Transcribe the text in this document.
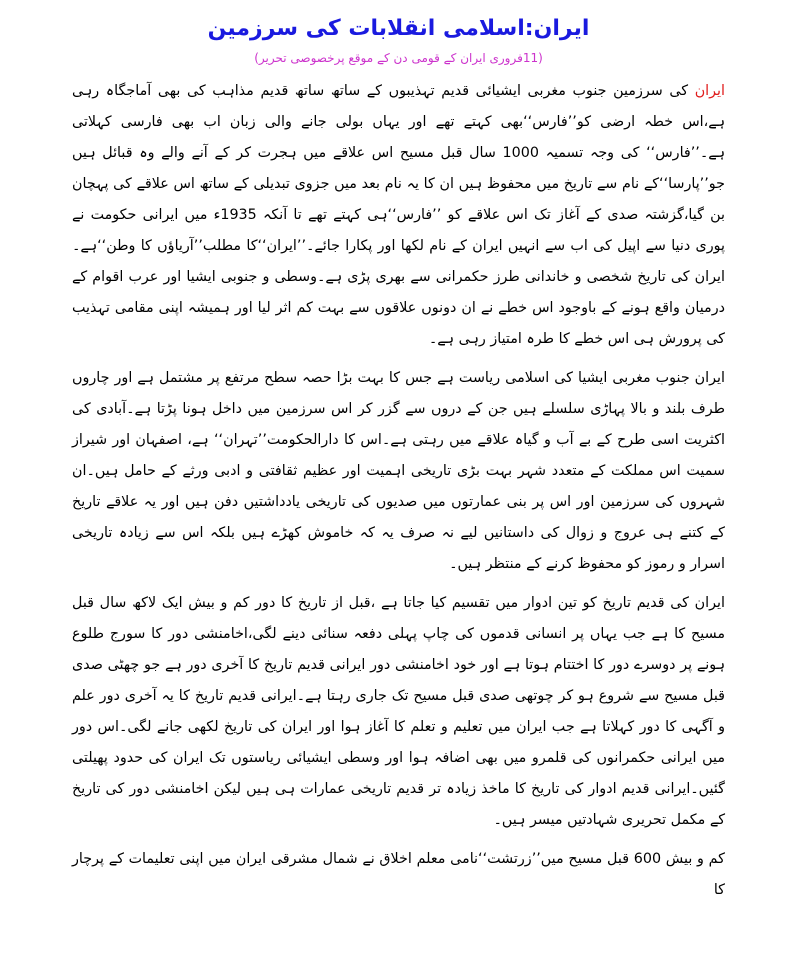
ایران:اسلامی انقلابات کی سرزمین
(11فروری ایران کے قومی دن کے موقع پرخصوصی تحریر)

ایران کی سرزمین جنوب مغربی ایشیائی قدیم تہذیبوں کے ساتھ ساتھ قدیم مذاہب کی بھی آماجگاہ رہی ہے،اس خطہ ارضی کو’’فارس‘‘بھی کہتے تھے اور یہاں بولی جانے والی زبان اب بھی فارسی کہلاتی ہے۔’’فارس‘‘ کی وجہ تسمیہ 1000 سال قبل مسیح اس علاقے میں ہجرت کر کے آنے والے وہ قبائل ہیں جو’’پارسا‘‘کے نام سے تاریخ میں محفوظ ہیں ان کا یہ نام بعد میں جزوی تبدیلی کے ساتھ اس علاقے کی پہچان بن گیا،گزشتہ صدی کے آغاز تک اس علاقے کو ’’فارس‘‘ہی کہتے تھے تا آنکہ 1935ء میں ایرانی حکومت نے پوری دنیا سے اپیل کی اب سے انہیں ایران کے نام لکھا اور پکارا جائے۔’’ایران‘‘کا مطلب’’آریاؤں کا وطن‘‘ہے۔ایران کی تاریخ شخصی و خاندانی طرز حکمرانی سے بھری پڑی ہے۔وسطی و جنوبی ایشیا اور عرب اقوام کے درمیان واقع ہونے کے باوجود اس خطے نے ان دونوں علاقوں سے بہت کم اثر لیا اور ہمیشہ اپنی مقامی تہذیب کی پرورش ہی اس خطے کا طرہ امتیاز رہی ہے۔

ایران جنوب مغربی ایشیا کی اسلامی ریاست ہے جس کا بہت بڑا حصہ سطح مرتفع پر مشتمل ہے اور چاروں طرف بلند و بالا پہاڑی سلسلے ہیں جن کے دروں سے گزر کر اس سرزمین میں داخل ہونا پڑتا ہے۔آبادی کی اکثریت اسی طرح کے بے آب و گیاہ علاقے میں رہتی ہے۔اس کا دارالحکومت’’تہران‘‘ ہے، اصفہان اور شیراز سمیت اس مملکت کے متعدد شہر بہت بڑی تاریخی اہمیت اور عظیم ثقافتی و ادبی ورثے کے حامل ہیں۔ان شہروں کی سرزمین اور اس پر بنی عمارتوں میں صدیوں کی تاریخی یادداشتیں دفن ہیں اور یہ علاقے تاریخ کے کتنے ہی عروج و زوال کی داستانیں لیے نہ صرف یہ کہ خاموش کھڑے ہیں بلکہ اس سے زیادہ تاریخی اسرار و رموز کو محفوظ کرنے کے منتظر ہیں۔

ایران کی قدیم تاریخ کو تین ادوار میں تقسیم کیا جاتا ہے ،قبل از تاریخ کا دور کم و بیش ایک لاکھ سال قبل مسیح کا ہے جب یہاں پر انسانی قدموں کی چاپ پہلی دفعہ سنائی دینے لگی،اخامنشی دور کا سورج طلوع ہونے پر دوسرے دور کا اختتام ہوتا ہے اور خود اخامنشی دور ایرانی قدیم تاریخ کا آخری دور ہے جو چھٹی صدی قبل مسیح سے شروع ہو کر چوتھی صدی قبل مسیح تک جاری رہتا ہے۔ایرانی قدیم تاریخ کا یہ آخری دور علم و آگہی کا دور کہلاتا ہے جب ایران میں تعلیم و تعلم کا آغاز ہوا اور ایران کی تاریخ لکھی جانے لگی۔اس دور میں ایرانی حکمرانوں کی قلمرو میں بھی اضافہ ہوا اور وسطی ایشیائی ریاستوں تک ایران کی حدود پھیلتی گئیں۔ایرانی قدیم ادوار کی تاریخ کا ماخذ زیادہ تر قدیم تاریخی عمارات ہی ہیں لیکن اخامنشی دور کی تاریخ کے مکمل تحریری شہادتیں میسر ہیں۔

کم و بیش 600 قبل مسیح میں’’زرتشت‘‘نامی معلم اخلاق نے شمال مشرقی ایران میں اپنی تعلیمات کے پرچار کا
